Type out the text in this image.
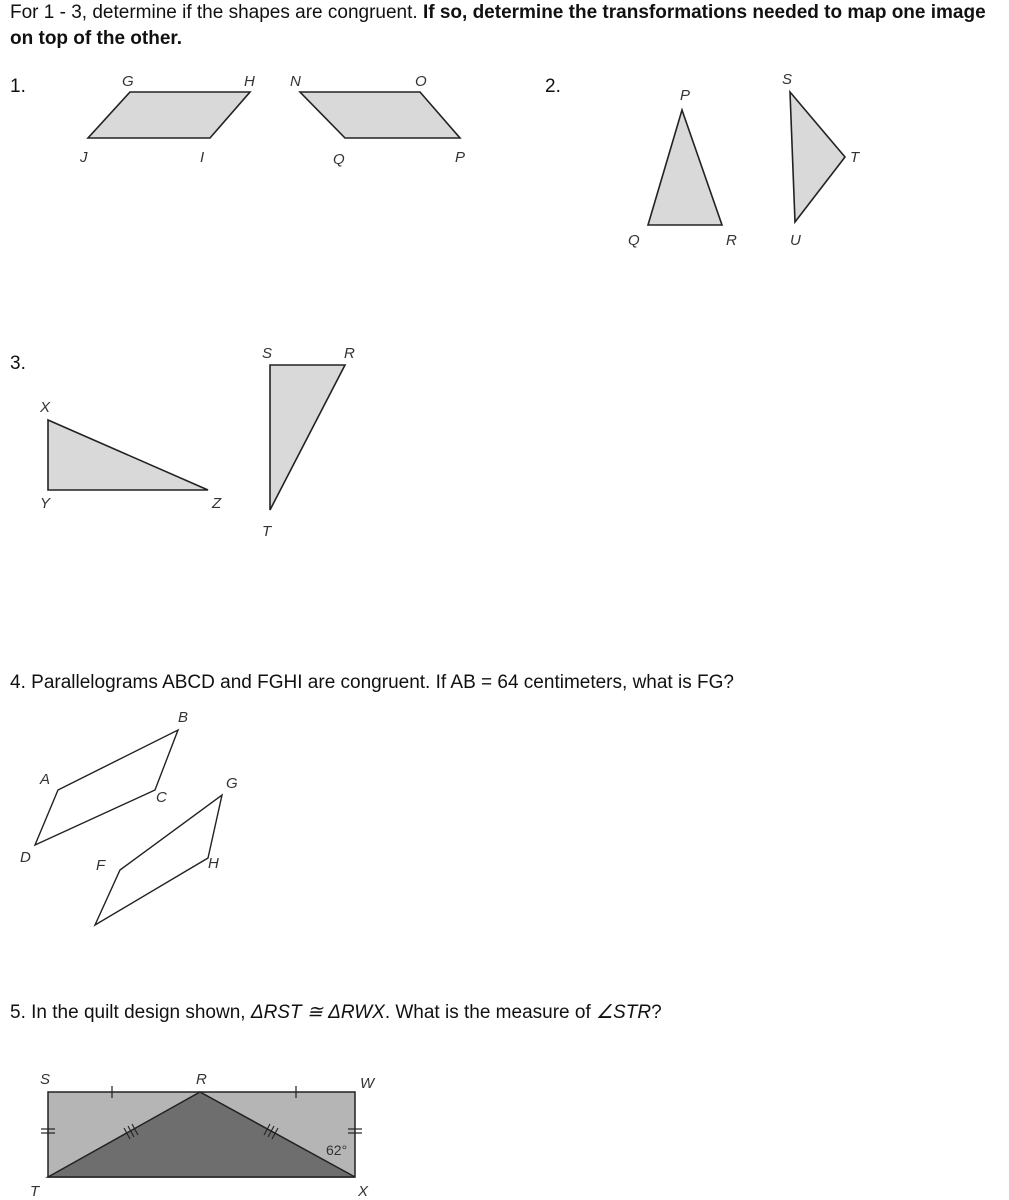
For 1 - 3, determine if the shapes are congruent. If so, determine the transformations needed to map one image on top of the other.
1.	G	H
J	I
N	O
Q	P
2.	P
Q	R
S
T
U
3.
X
Y	Z
S	R
T
4. Parallelograms ABCD and FGHI are congruent. If AB = 64 centimeters, what is FG?
A
B
C
D	F
G
H
5. In the quilt design shown, ΔRST ≅ ΔRWX. What is the measure of ∠STR?
S	R	W
T	X
62°
